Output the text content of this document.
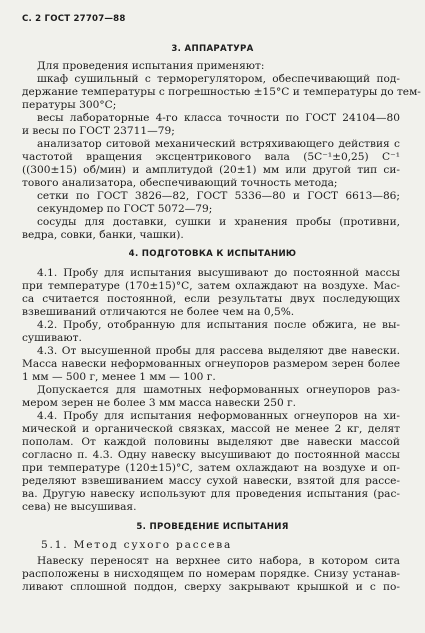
С. 2 ГОСТ 27707—88
3. АППАРАТУРА
Для проведения испытания применяют:
шкаф сушильный с терморегулятором, обеспечивающий под-
держание температуры с погрешностью ±15°С и температуры до тем-
пературы 300°С;
весы лабораторные 4-го класса точности по ГОСТ 24104—80
и весы по ГОСТ 23711—79;
анализатор ситовой механический встряхивающего действия с
частотой вращения эксцентрикового вала (5С⁻¹±0,25) С⁻¹
((300±15) об/мин) и амплитудой (20±1) мм или другой тип си-
тового анализатора, обеспечивающий точность метода;
сетки по ГОСТ 3826—82, ГОСТ 5336—80 и ГОСТ 6613—86;
секундомер по ГОСТ 5072—79;
сосуды для доставки, сушки и хранения пробы (противни,
ведра, совки, банки, чашки).
4. ПОДГОТОВКА К ИСПЫТАНИЮ
4.1. Пробу для испытания высушивают до постоянной массы
при температуре (170±15)°С, затем охлаждают на воздухе. Мас-
са считается постоянной, если результаты двух последующих
взвешиваний отличаются не более чем на 0,5%.
4.2. Пробу, отобранную для испытания после обжига, не вы-
сушивают.
4.3. От высушенной пробы для рассева выделяют две навески.
Масса навески неформованных огнеупоров размером зерен более
1 мм — 500 г, менее 1 мм — 100 г.
Допускается для шамотных неформованных огнеупоров раз-
мером зерен не более 3 мм масса навески 250 г.
4.4. Пробу для испытания неформованных огнеупоров на хи-
мической и органической связках, массой не менее 2 кг, делят
пополам. От каждой половины выделяют две навески массой
согласно п. 4.3. Одну навеску высушивают до постоянной массы
при температуре (120±15)°С, затем охлаждают на воздухе и оп-
ределяют взвешиванием массу сухой навески, взятой для рассе-
ва. Другую навеску используют для проведения испытания (рас-
сева) не высушивая.
5. ПРОВЕДЕНИЕ ИСПЫТАНИЯ
5.1. Метод сухого рассева
Навеску переносят на верхнее сито набора, в котором сита
расположены в нисходящем по номерам порядке. Снизу устанав-
ливают сплошной поддон, сверху закрывают крышкой и с по-
